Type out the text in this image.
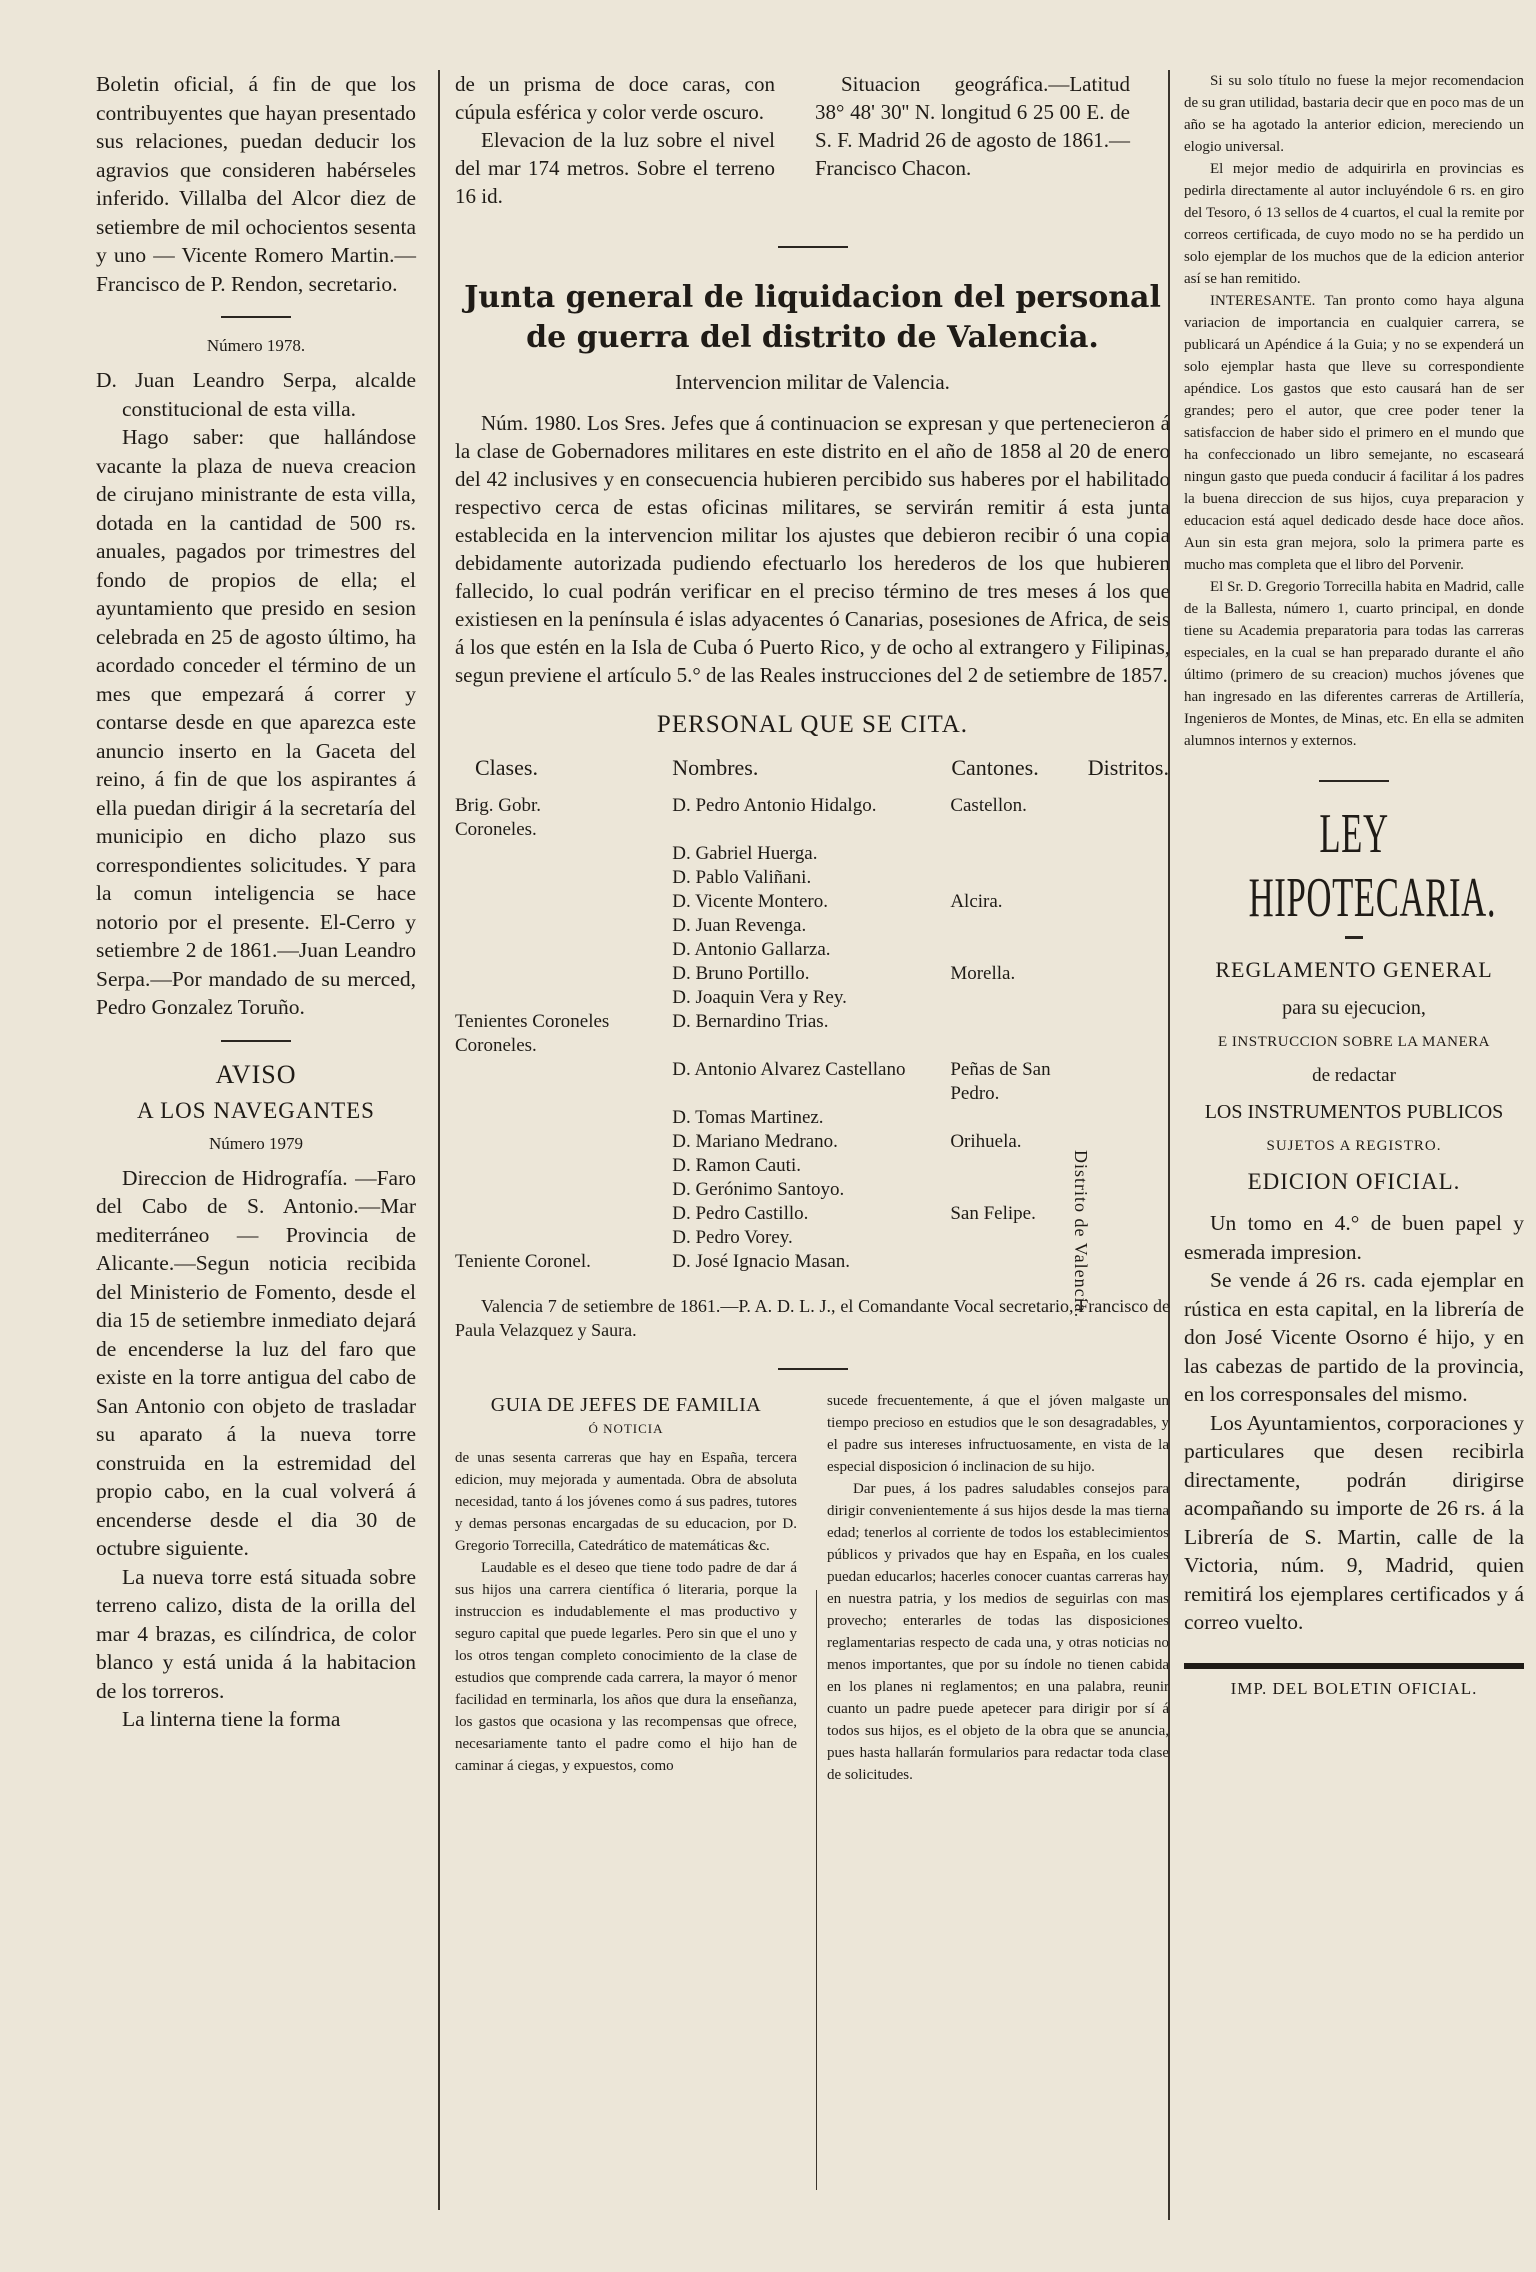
Boletin oficial, á fin de que los contribuyentes que hayan presentado sus relaciones, puedan deducir los agravios que consideren habérseles inferido. Villalba del Alcor diez de setiembre de mil ochocientos sesenta y uno — Vicente Romero Martin.— Francisco de P. Rendon, secretario.

Número 1978.

D. Juan Leandro Serpa, alcalde constitucional de esta villa.

Hago saber: que hallándose vacante la plaza de nueva creacion de cirujano ministrante de esta villa, dotada en la cantidad de 500 rs. anuales, pagados por trimestres del fondo de propios de ella; el ayuntamiento que presido en sesion celebrada en 25 de agosto último, ha acordado conceder el término de un mes que empezará á correr y contarse desde en que aparezca este anuncio inserto en la Gaceta del reino, á fin de que los aspirantes á ella puedan dirigir á la secretaría del municipio en dicho plazo sus correspondientes solicitudes. Y para la comun inteligencia se hace notorio por el presente. El-Cerro y setiembre 2 de 1861.—Juan Leandro Serpa.—Por mandado de su merced, Pedro Gonzalez Toruño.

AVISO
A LOS NAVEGANTES
Número 1979

Direccion de Hidrografía. —Faro del Cabo de S. Antonio.—Mar mediterráneo — Provincia de Alicante.—Segun noticia recibida del Ministerio de Fomento, desde el dia 15 de setiembre inmediato dejará de encenderse la luz del faro que existe en la torre antigua del cabo de San Antonio con objeto de trasladar su aparato á la nueva torre construida en la estremidad del propio cabo, en la cual volverá á encenderse desde el dia 30 de octubre siguiente.

La nueva torre está situada sobre terreno calizo, dista de la orilla del mar 4 brazas, es cilíndrica, de color blanco y está unida á la habitacion de los torreros.

La linterna tiene la forma

de un prisma de doce caras, con cúpula esférica y color verde oscuro.

Elevacion de la luz sobre el nivel del mar 174 metros. Sobre el terreno 16 id.

Situacion geográfica.—Latitud 38° 48' 30'' N. longitud 6 25 00 E. de S. F. Madrid 26 de agosto de 1861.—Francisco Chacon.

Junta general de liquidacion del personal de guerra del distrito de Valencia.
Intervencion militar de Valencia.

Núm. 1980. Los Sres. Jefes que á continuacion se expresan y que pertenecieron á la clase de Gobernadores militares en este distrito en el año de 1858 al 20 de enero del 42 inclusives y en consecuencia hubieren percibido sus haberes por el habilitado respectivo cerca de estas oficinas militares, se servirán remitir á esta junta establecida en la intervencion militar los ajustes que debieron recibir ó una copia debidamente autorizada pudiendo efectuarlo los herederos de los que hubieren fallecido, lo cual podrán verificar en el preciso término de tres meses á los que existiesen en la península é islas adyacentes ó Canarias, posesiones de Africa, de seis á los que estén en la Isla de Cuba ó Puerto Rico, y de ocho al extrangero y Filipinas, segun previene el artículo 5.° de las Reales instrucciones del 2 de setiembre de 1857.

PERSONAL QUE SE CITA.
Clases.	Nombres.	Cantones.	Distritos.
Brig. Gobr. Coroneles.	D. Pedro Antonio Hidalgo.	Castellon.	
	D. Gabriel Huerga.		
	D. Pablo Valiñani.		
	D. Vicente Montero.	Alcira.	
	D. Juan Revenga.		
	D. Antonio Gallarza.		
	D. Bruno Portillo.	Morella.	
	D. Joaquin Vera y Rey.		
Tenientes Coroneles Coroneles.	D. Bernardino Trias.		
	D. Antonio Alvarez Castellano	Peñas de San Pedro.	
	D. Tomas Martinez.		
	D. Mariano Medrano.	Orihuela.	
	D. Ramon Cauti.		
	D. Gerónimo Santoyo.		
	D. Pedro Castillo.	San Felipe.	
	D. Pedro Vorey.		
Teniente Coronel.	D. José Ignacio Masan.		

Valencia 7 de setiembre de 1861.—P. A. D. L. J., el Comandante Vocal secretario, Francisco de Paula Velazquez y Saura.

GUIA DE JEFES DE FAMILIA
Ó NOTICIA

de unas sesenta carreras que hay en España, tercera edicion, muy mejorada y aumentada. Obra de absoluta necesidad, tanto á los jóvenes como á sus padres, tutores y demas personas encargadas de su educacion, por D. Gregorio Torrecilla, Catedrático de matemáticas &c.

Laudable es el deseo que tiene todo padre de dar á sus hijos una carrera científica ó literaria, porque la instruccion es indudablemente el mas productivo y seguro capital que puede legarles. Pero sin que el uno y los otros tengan completo conocimiento de la clase de estudios que comprende cada carrera, la mayor ó menor facilidad en terminarla, los años que dura la enseñanza, los gastos que ocasiona y las recompensas que ofrece, necesariamente tanto el padre como el hijo han de caminar á ciegas, y expuestos, como

sucede frecuentemente, á que el jóven malgaste un tiempo precioso en estudios que le son desagradables, y el padre sus intereses infructuosamente, en vista de la especial disposicion ó inclinacion de su hijo.

Dar pues, á los padres saludables consejos para dirigir convenientemente á sus hijos desde la mas tierna edad; tenerlos al corriente de todos los establecimientos públicos y privados que hay en España, en los cuales puedan educarlos; hacerles conocer cuantas carreras hay en nuestra patria, y los medios de seguirlas con mas provecho; enterarles de todas las disposiciones reglamentarias respecto de cada una, y otras noticias no menos importantes, que por su índole no tienen cabida en los planes ni reglamentos; en una palabra, reunir cuanto un padre puede apetecer para dirigir por sí á todos sus hijos, es el objeto de la obra que se anuncia, pues hasta hallarán formularios para redactar toda clase de solicitudes.

Distrito de Valencia.

Si su solo título no fuese la mejor recomendacion de su gran utilidad, bastaria decir que en poco mas de un año se ha agotado la anterior edicion, mereciendo un elogio universal.

El mejor medio de adquirirla en provincias es pedirla directamente al autor incluyéndole 6 rs. en giro del Tesoro, ó 13 sellos de 4 cuartos, el cual la remite por correos certificada, de cuyo modo no se ha perdido un solo ejemplar de los muchos que de la edicion anterior así se han remitido.

INTERESANTE. Tan pronto como haya alguna variacion de importancia en cualquier carrera, se publicará un Apéndice á la Guia; y no se expenderá un solo ejemplar hasta que lleve su correspondiente apéndice. Los gastos que esto causará han de ser grandes; pero el autor, que cree poder tener la satisfaccion de haber sido el primero en el mundo que ha confeccionado un libro semejante, no escaseará ningun gasto que pueda conducir á facilitar á los padres la buena direccion de sus hijos, cuya preparacion y educacion está aquel dedicado desde hace doce años. Aun sin esta gran mejora, solo la primera parte es mucho mas completa que el libro del Porvenir.

El Sr. D. Gregorio Torrecilla habita en Madrid, calle de la Ballesta, número 1, cuarto principal, en donde tiene su Academia preparatoria para todas las carreras especiales, en la cual se han preparado durante el año último (primero de su creacion) muchos jóvenes que han ingresado en las diferentes carreras de Artillería, Ingenieros de Montes, de Minas, etc. En ella se admiten alumnos internos y externos.

LEY HIPOTECARIA.
REGLAMENTO GENERAL
para su ejecucion,
E INSTRUCCION SOBRE LA MANERA
de redactar
LOS INSTRUMENTOS PUBLICOS
SUJETOS A REGISTRO.
EDICION OFICIAL.

Un tomo en 4.° de buen papel y esmerada impresion.

Se vende á 26 rs. cada ejemplar en rústica en esta capital, en la librería de don José Vicente Osorno é hijo, y en las cabezas de partido de la provincia, en los corresponsales del mismo.

Los Ayuntamientos, corporaciones y particulares que desen recibirla directamente, podrán dirigirse acompañando su importe de 26 rs. á la Librería de S. Martin, calle de la Victoria, núm. 9, Madrid, quien remitirá los ejemplares certificados y á correo vuelto.

IMP. DEL BOLETIN OFICIAL.
